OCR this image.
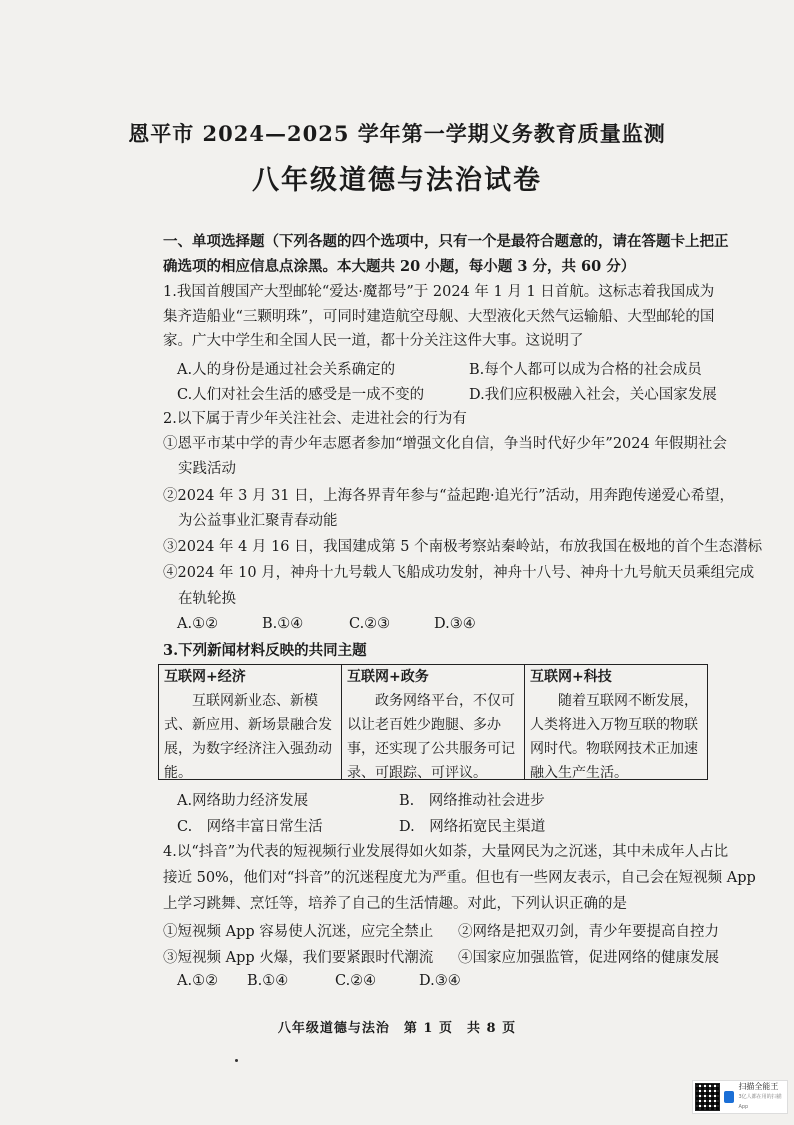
恩平市 2024—2025 学年第一学期义务教育质量监测
八年级道德与法治试卷
一、单项选择题（下列各题的四个选项中，只有一个是最符合题意的，请在答题卡上把正
确选项的相应信息点涂黑。本大题共 20 小题，每小题 3 分，共 60 分）
1.我国首艘国产大型邮轮“爱达·魔都号”于 2024 年 1 月 1 日首航。这标志着我国成为
集齐造船业“三颗明珠”，可同时建造航空母舰、大型液化天然气运输船、大型邮轮的国
家。广大中学生和全国人民一道，都十分关注这件大事。这说明了
A.人的身份是通过社会关系确定的	B.每个人都可以成为合格的社会成员
C.人们对社会生活的感受是一成不变的	D.我们应积极融入社会，关心国家发展
2.以下属于青少年关注社会、走进社会的行为有
①恩平市某中学的青少年志愿者参加“增强文化自信，争当时代好少年”2024 年假期社会
实践活动
②2024 年 3 月 31 日，上海各界青年参与“益起跑·追光行”活动，用奔跑传递爱心希望，
为公益事业汇聚青春动能
③2024 年 4 月 16 日，我国建成第 5 个南极考察站秦岭站，布放我国在极地的首个生态潜标
④2024 年 10 月，神舟十九号载人飞船成功发射，神舟十八号、神舟十九号航天员乘组完成
在轨轮换
A.①②	B.①④	C.②③	D.③④
3.下列新闻材料反映的共同主题
互联网+经济
互联网新业态、新模式、新应用、新场景融合发展，为数字经济注入强劲动能。
互联网+政务
政务网络平台，不仅可以让老百姓少跑腿、多办事，还实现了公共服务可记录、可跟踪、可评议。
互联网+科技
随着互联网不断发展，人类将进入万物互联的物联网时代。物联网技术正加速融入生产生活。
A.网络助力经济发展	B.　网络推动社会进步
C.　网络丰富日常生活	D.　网络拓宽民主渠道
4.以“抖音”为代表的短视频行业发展得如火如荼，大量网民为之沉迷，其中未成年人占比
接近 50%，他们对“抖音”的沉迷程度尤为严重。但也有一些网友表示，自己会在短视频 App
上学习跳舞、烹饪等，培养了自己的生活情趣。对此，下列认识正确的是
①短视频 App 容易使人沉迷，应完全禁止 ②网络是把双刃剑，青少年要提高自控力
③短视频 App 火爆，我们要紧跟时代潮流 ④国家应加强监管，促进网络的健康发展
A.①② B.①④	C.②④	D.③④
八年级道德与法治　第 1 页　共 8 页
扫描全能王
3亿人都在用的扫描App
